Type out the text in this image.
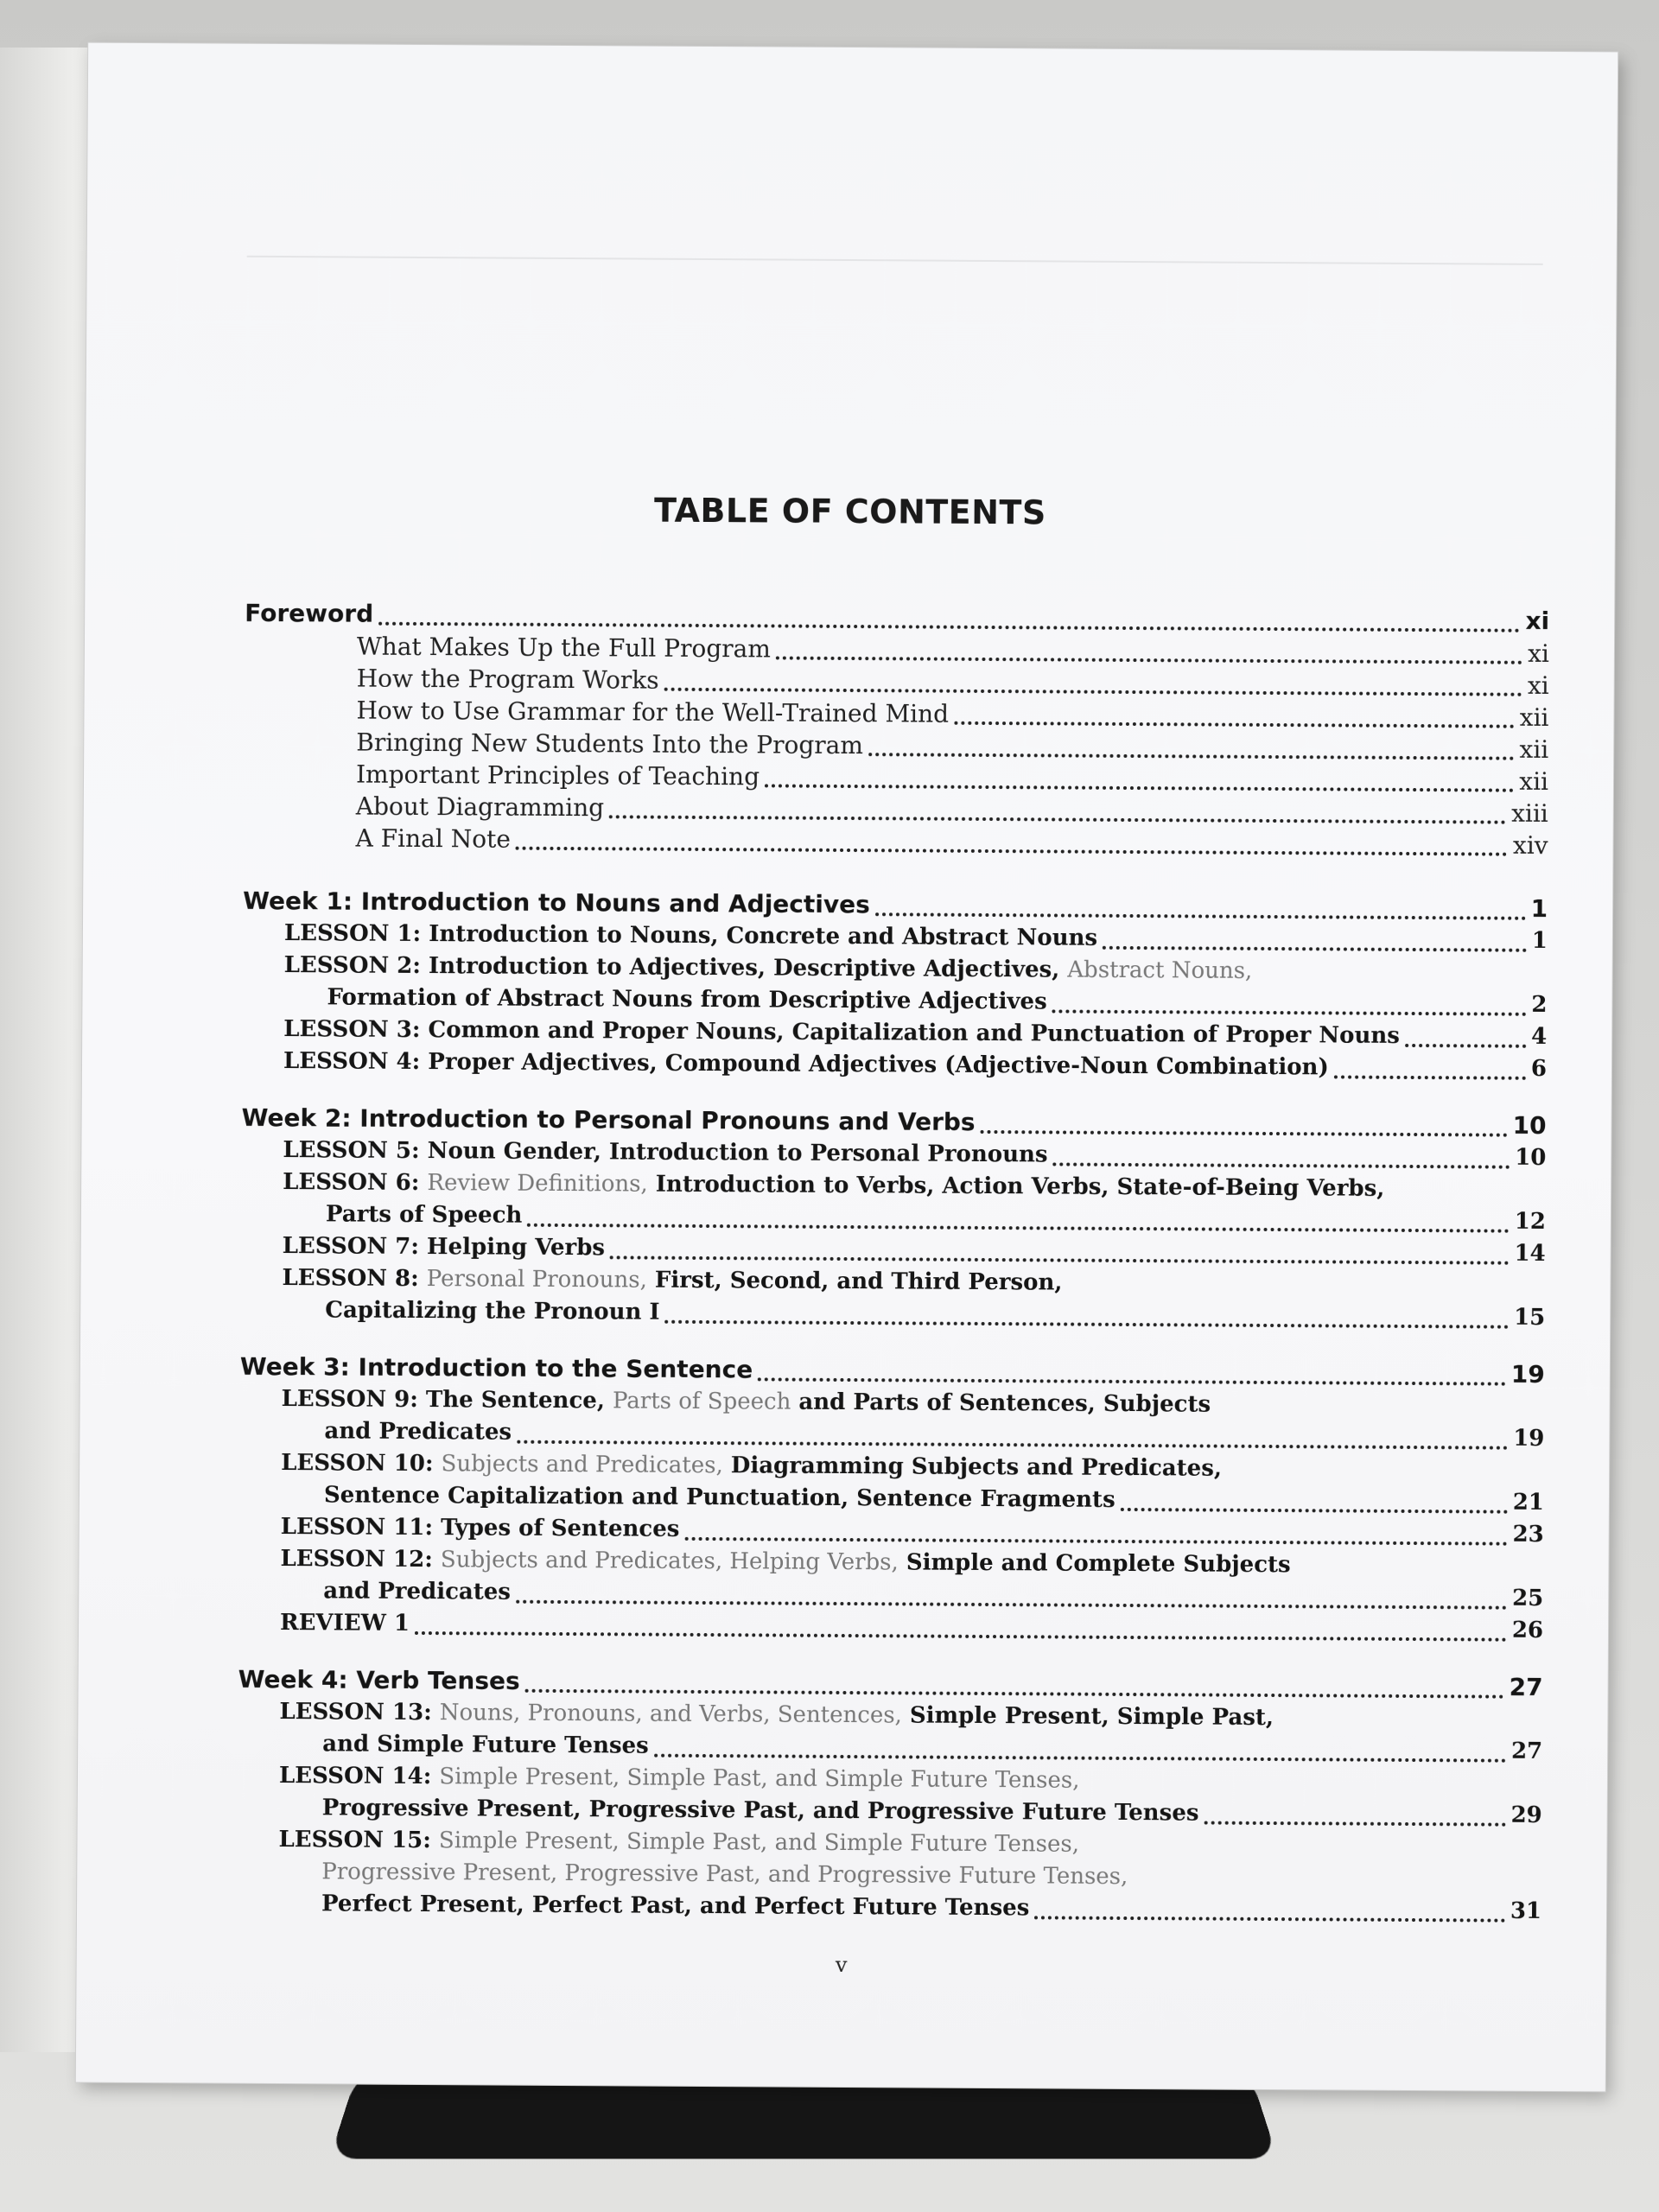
TABLE OF CONTENTS
Foreword	xi
What Makes Up the Full Program	xi
How the Program Works	xi
How to Use Grammar for the Well-Trained Mind	xii
Bringing New Students Into the Program	xii
Important Principles of Teaching	xii
About Diagramming	xiii
A Final Note	xiv
Week 1: Introduction to Nouns and Adjectives	1
LESSON 1: Introduction to Nouns, Concrete and Abstract Nouns	1
LESSON 2: Introduction to Adjectives, Descriptive Adjectives, Abstract Nouns,
Formation of Abstract Nouns from Descriptive Adjectives	2
LESSON 3: Common and Proper Nouns, Capitalization and Punctuation of Proper Nouns	4
LESSON 4: Proper Adjectives, Compound Adjectives (Adjective-Noun Combination)	6
Week 2: Introduction to Personal Pronouns and Verbs	10
LESSON 5: Noun Gender, Introduction to Personal Pronouns	10
LESSON 6: Review Definitions, Introduction to Verbs, Action Verbs, State-of-Being Verbs,
Parts of Speech	12
LESSON 7: Helping Verbs	14
LESSON 8: Personal Pronouns, First, Second, and Third Person,
Capitalizing the Pronoun I	15
Week 3: Introduction to the Sentence	19
LESSON 9: The Sentence, Parts of Speech and Parts of Sentences, Subjects
and Predicates	19
LESSON 10: Subjects and Predicates, Diagramming Subjects and Predicates,
Sentence Capitalization and Punctuation, Sentence Fragments	21
LESSON 11: Types of Sentences	23
LESSON 12: Subjects and Predicates, Helping Verbs, Simple and Complete Subjects
and Predicates	25
REVIEW 1	26
Week 4: Verb Tenses	27
LESSON 13: Nouns, Pronouns, and Verbs, Sentences, Simple Present, Simple Past,
and Simple Future Tenses	27
LESSON 14: Simple Present, Simple Past, and Simple Future Tenses,
Progressive Present, Progressive Past, and Progressive Future Tenses	29
LESSON 15: Simple Present, Simple Past, and Simple Future Tenses,
Progressive Present, Progressive Past, and Progressive Future Tenses,
Perfect Present, Perfect Past, and Perfect Future Tenses	31
v
